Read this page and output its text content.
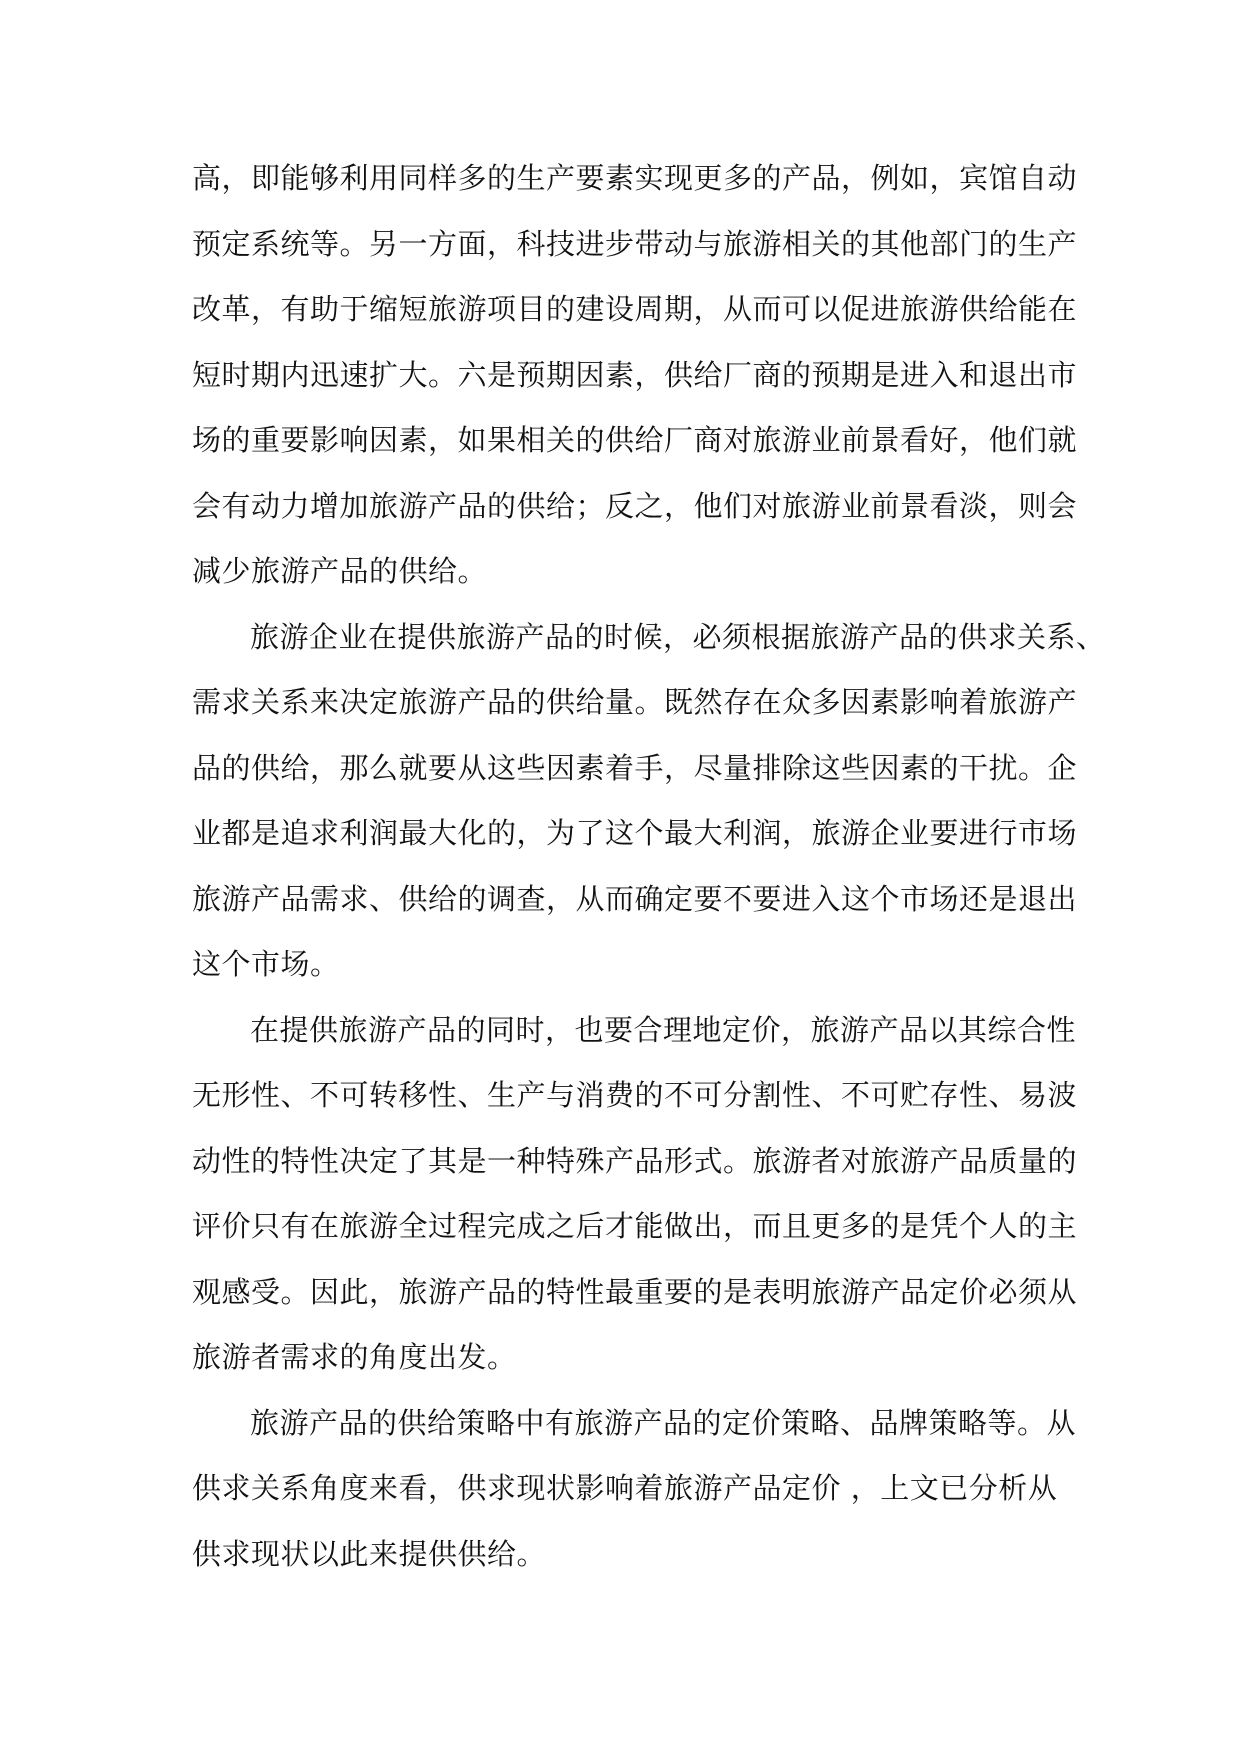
高，即能够利用同样多的生产要素实现更多的产品，例如，宾馆自动
预定系统等。另一方面，科技进步带动与旅游相关的其他部门的生产
改革，有助于缩短旅游项目的建设周期，从而可以促进旅游供给能在
短时期内迅速扩大。六是预期因素，供给厂商的预期是进入和退出市
场的重要影响因素，如果相关的供给厂商对旅游业前景看好，他们就
会有动力增加旅游产品的供给；反之，他们对旅游业前景看淡，则会
减少旅游产品的供给。

旅游企业在提供旅游产品的时候，必须根据旅游产品的供求关系、
需求关系来决定旅游产品的供给量。既然存在众多因素影响着旅游产
品的供给，那么就要从这些因素着手，尽量排除这些因素的干扰。企
业都是追求利润最大化的，为了这个最大利润，旅游企业要进行市场
旅游产品需求、供给的调查，从而确定要不要进入这个市场还是退出
这个市场。

在提供旅游产品的同时，也要合理地定价，旅游产品以其综合性
无形性、不可转移性、生产与消费的不可分割性、不可贮存性、易波
动性的特性决定了其是一种特殊产品形式。旅游者对旅游产品质量的
评价只有在旅游全过程完成之后才能做出，而且更多的是凭个人的主
观感受。因此，旅游产品的特性最重要的是表明旅游产品定价必须从
旅游者需求的角度出发。

旅游产品的供给策略中有旅游产品的定价策略、品牌策略等。从
供求关系角度来看，供求现状影响着旅游产品定价 ，上文已分析从
供求现状以此来提供供给。
